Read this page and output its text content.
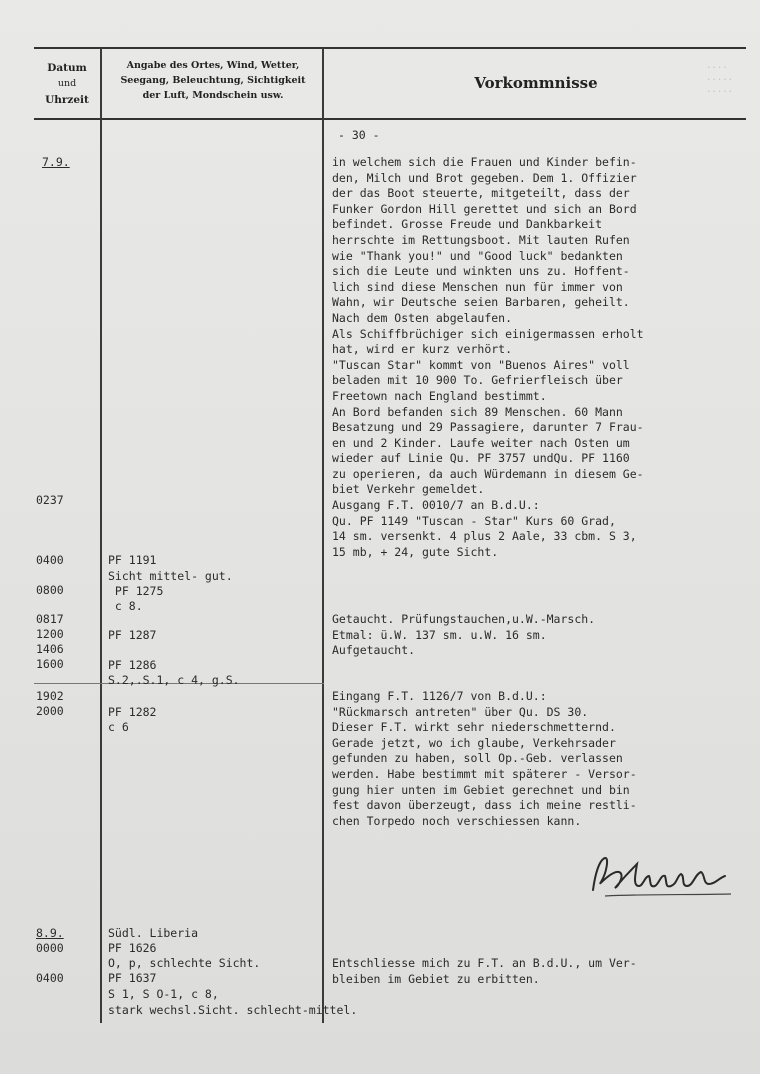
....
.....
.....
Datum
und
Uhrzeit
Angabe des Ortes, Wind, Wetter,
Seegang, Beleuchtung, Sichtigkeit
der Luft, Mondschein usw.
Vorkommnisse
- 30 -
7.9.
0237
0400
0800
0817
1200
1406
1600
1902
2000
8.9.
0000
0400
PF 1191
Sicht mittel- gut.
PF 1275
c 8.
PF 1287
PF 1286
S.2,.S.1, c 4, g.S.
PF 1282
c 6
Südl. Liberia
PF 1626
O, p, schlechte Sicht.
PF 1637
S 1, S O-1, c 8,
stark wechsl.Sicht. schlecht-mittel.
in welchem sich die Frauen und Kinder befin-
den, Milch und Brot gegeben. Dem 1. Offizier
der das Boot steuerte, mitgeteilt, dass der
Funker Gordon Hill gerettet und sich an Bord
befindet. Grosse Freude und Dankbarkeit
herrschte im Rettungsboot. Mit lauten Rufen
wie "Thank you!" und "Good luck" bedankten
sich die Leute und winkten uns zu. Hoffent-
lich sind diese Menschen nun für immer von
Wahn, wir Deutsche seien Barbaren, geheilt.
Nach dem Osten abgelaufen.
Als Schiffbrüchiger sich einigermassen erholt
hat, wird er kurz verhört.
"Tuscan Star" kommt von "Buenos Aires" voll
beladen mit 10 900 To. Gefrierfleisch über
Freetown nach England bestimmt.
An Bord befanden sich 89 Menschen. 60 Mann
Besatzung und 29 Passagiere, darunter 7 Frau-
en und 2 Kinder. Laufe weiter nach Osten um
wieder auf Linie Qu. PF 3757 undQu. PF 1160
zu operieren, da auch Würdemann in diesem Ge-
biet Verkehr gemeldet.
Ausgang F.T. 0010/7 an B.d.U.:
Qu. PF 1149 "Tuscan - Star" Kurs 60 Grad,
14 sm. versenkt. 4 plus 2 Aale, 33 cbm. S 3,
15 mb, + 24, gute Sicht.
Getaucht. Prüfungstauchen,u.W.-Marsch.
Etmal: ü.W. 137 sm. u.W. 16 sm.
Aufgetaucht.
Eingang F.T. 1126/7 von B.d.U.:
"Rückmarsch antreten" über Qu. DS 30.
Dieser F.T. wirkt sehr niederschmetternd.
Gerade jetzt, wo ich glaube, Verkehrsader
gefunden zu haben, soll Op.-Geb. verlassen
werden. Habe bestimmt mit späterer - Versor-
gung hier unten im Gebiet gerechnet und bin
fest davon überzeugt, dass ich meine restli-
chen Torpedo noch verschiessen kann.
Entschliesse mich zu F.T. an B.d.U., um Ver-
bleiben im Gebiet zu erbitten.
